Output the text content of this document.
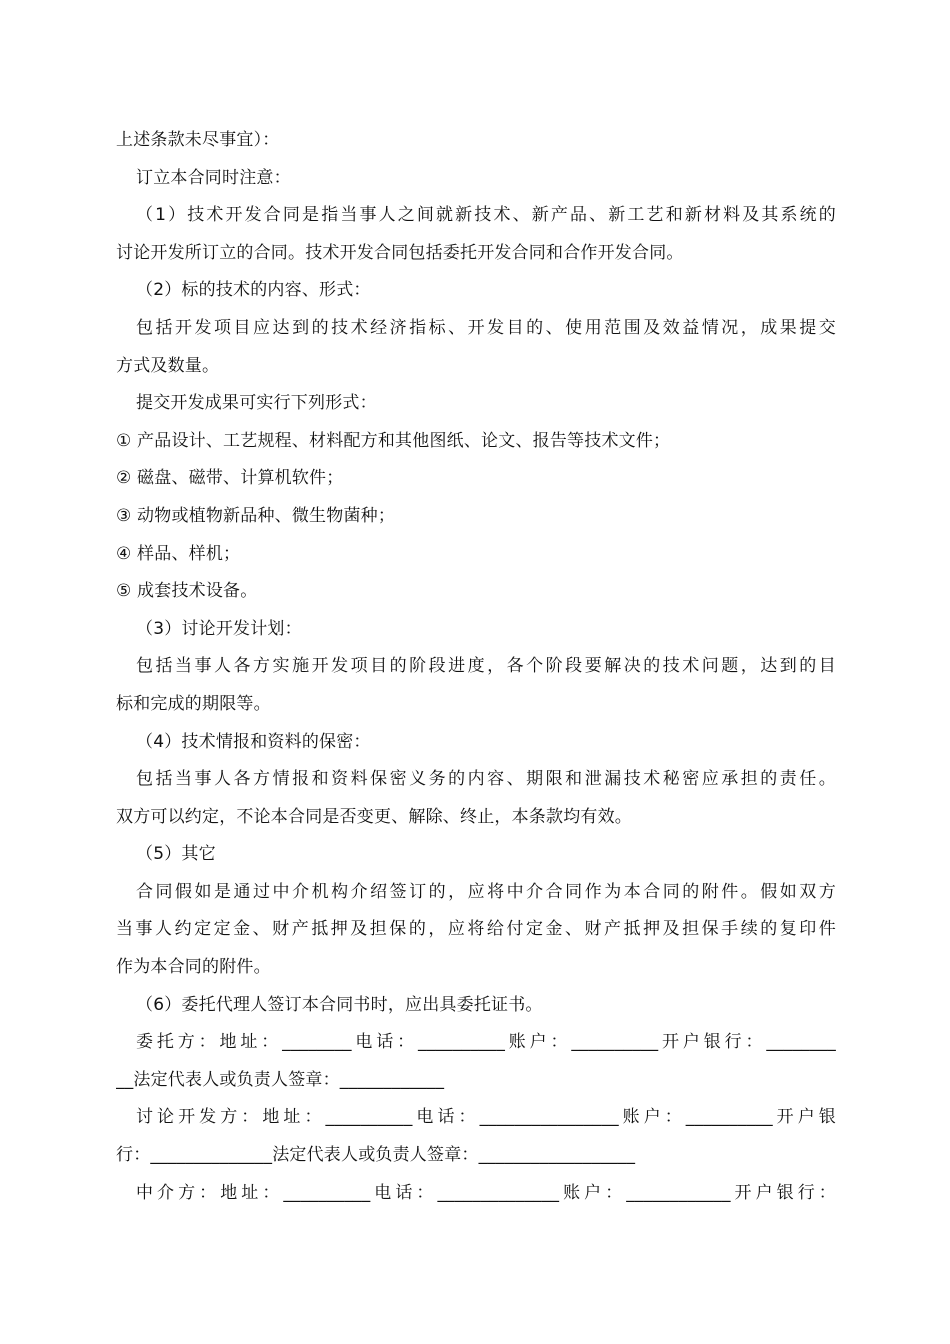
上述条款未尽事宜）：
订立本合同时注意：
（1）技术开发合同是指当事人之间就新技术、新产品、新工艺和新材料及其系统的
讨论开发所订立的合同。技术开发合同包括委托开发合同和合作开发合同。
（2）标的技术的内容、形式：
包括开发项目应达到的技术经济指标、开发目的、使用范围及效益情况，成果提交
方式及数量。
提交开发成果可实行下列形式：
① 产品设计、工艺规程、材料配方和其他图纸、论文、报告等技术文件；
② 磁盘、磁带、计算机软件；
③ 动物或植物新品种、微生物菌种；
④ 样品、样机；
⑤ 成套技术设备。
（3）讨论开发计划：
包括当事人各方实施开发项目的阶段进度，各个阶段要解决的技术问题，达到的目
标和完成的期限等。
（4）技术情报和资料的保密：
包括当事人各方情报和资料保密义务的内容、期限和泄漏技术秘密应承担的责任。
双方可以约定，不论本合同是否变更、解除、终止，本条款均有效。
（5）其它
合同假如是通过中介机构介绍签订的，应将中介合同作为本合同的附件。假如双方
当事人约定定金、财产抵押及担保的，应将给付定金、财产抵押及担保手续的复印件
作为本合同的附件。
（6）委托代理人签订本合同书时，应出具委托证书。
委托方：地址：________电话：__________账户：__________开户银行：________
__法定代表人或负责人签章：____________
讨论开发方：地址：__________电话：________________账户：__________开户银
行：______________法定代表人或负责人签章：__________________
中介方：地址：__________电话：______________账户：____________开户银行：
